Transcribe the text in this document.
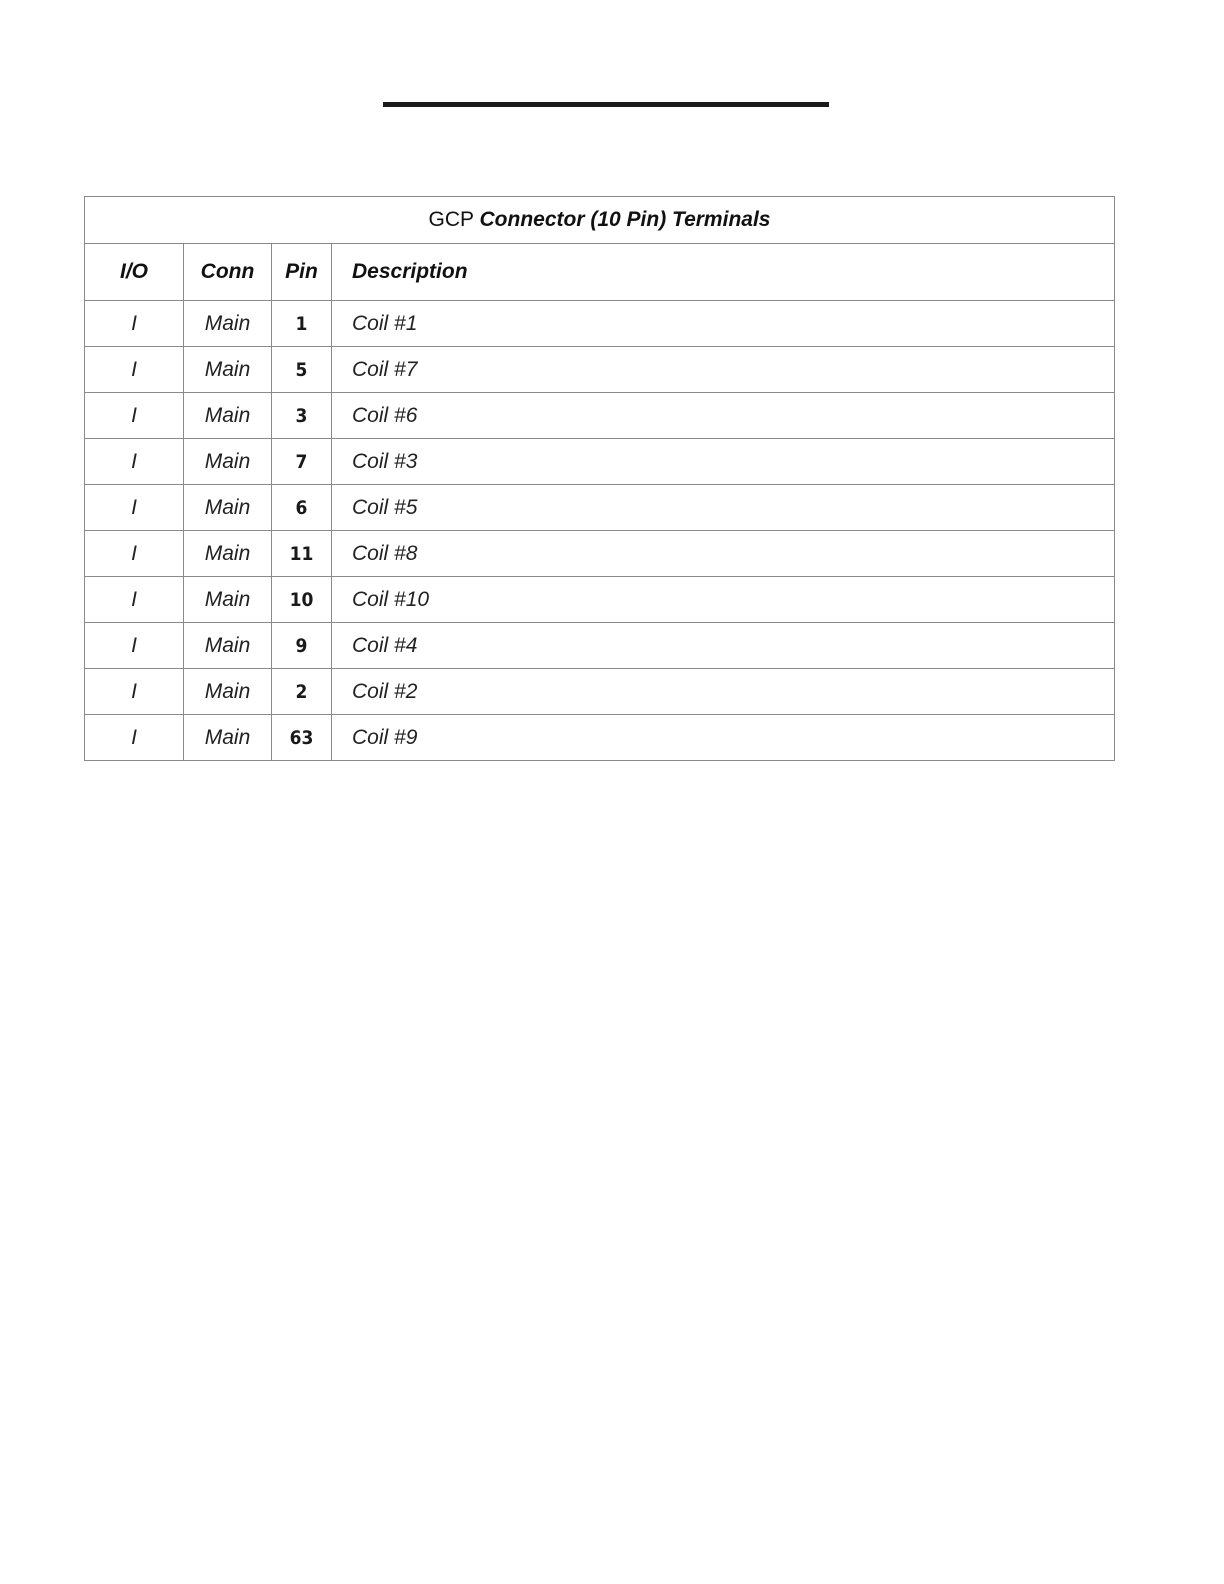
GCP Connector (10 Pin) Terminals			
I/O	Conn	Pin	Description
I	Main	1	Coil #1
I	Main	5	Coil #7
I	Main	3	Coil #6
I	Main	7	Coil #3
I	Main	6	Coil #5
I	Main	11	Coil #8
I	Main	10	Coil #10
I	Main	9	Coil #4
I	Main	2	Coil #2
I	Main	63	Coil #9
